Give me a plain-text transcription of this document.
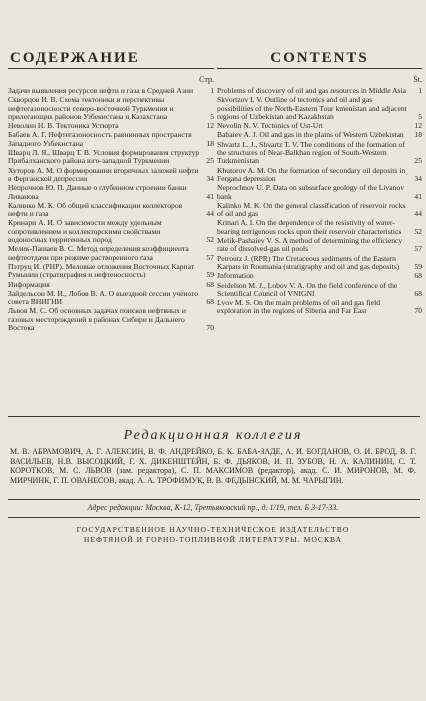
СОДЕРЖАНИЕ
Стр.
Задачи выявления ресурсов нефти и газа в Средней Азии	1
Скворцов И. В. Схема тектоники и перспективы нефтегазоносности северо-восточной Туркмении и прилегающих районов Узбекистана и Казахстана	5
Неволин Н. В. Тектоника Устюрта	12
Бабаев А. Г. Нефтегазоносность равнинных пространств Западного Узбекистана	18
Шварц Л. Я., Шварц Т. В. Условия формирования структур Прибалханского района юго-западной Туркмении	25
Хуторов А. М. О формировании вторичных залежей нефти в Ферганской депрессии	34
Непрочнов Ю. П. Данные о глубинном строении банки Ливанова	41
Калинко М. К. Об общей классификации коллекторов нефти и газа	44
Кринари А. И. О зависимости между удельным сопротивлением и коллекторскими свойствами водоносных терригенных пород	52
Мелик-Пашаев В. С. Метод определения коэффициента нефтеотдачи при режиме растворенного газа	57
Пэтруц И. (РНР). Меловые отложения Восточных Карпат Румынии (стратиграфия и нефтеносность)	59
Информация	68
Зайдельсон М. И., Лобов В. А. О выездной сессии ученого совета ВНИГНИ	68
Львов М. С. Об основных задачах поисков нефтяных и газовых месторождений в районах Сибири и Дальнего Востока	70
CONTENTS
St.
Problems of discovery of oil and gas resources in Middle Asia 1
Skvortzov I. V. Outline of tectonics and oil and gas possibilities of the North-Eastern Tour kmenistan and adjacent regions of Uzbekistan and Kazakhstan	5
Nevolin N. V. Tectonics of Ust-Urt	12
Babaiev A. J. Oil and gas in the plains of Western Uzbekistan	18
Shvartz L. J., Shvartz T. V. The conditions of the formation of the structures of Near-Balkhan region of South-Western Turkmenistan	25
Khutorov A. M. On the formation of secondary oil deposits in Fergana depression	34
Neprochnov U. P. Data on subsurface geology of the Livanov bank	41
Kalinko M. K. On the general classification of reservoir rocks of oil and gas	44
Krinari A. I. On the dependence of the resistivity of water-bearing terrigenous rocks upon their reservoir characteristics	52
Melik-Pashaiev V. S. A method of determining the efficiency rate of dissolved-gas oil pools	57
Petroutz J. (RPR) The Cretaceous sediments of the Eastern Karpats in Roumania (stratigraphy and oil and gas deposits)	59
Jnformation	68
Seidelson M. J., Lobov V. A. On the field conference of the Scientifical Council of VNIGNI	68
Lvov M. S. On the main problems of oil and gas field exploration in the regions of Siberia and Far East	70
Редакционная коллегия
М. В. АБРАМОВИЧ, А. Г. АЛЕКСИН, В. Ф. АНДРЕЙКО, Б. К. БАБА-ЗАДЕ, А. И. БОГДАНОВ, О. И. БРОД, В. Г. ВАСИЛЬЕВ, Н.В. ВЫСОЦКИЙ, Г. Х. ДИКЕНШТЕЙН, Б. Ф. ДЬЯКОВ, И. П. ЗУБОВ, Н. А. КАЛИНИН, С. Т. КОРОТКОВ, М. С. ЛЬВОВ (зам. редактора), С. П. МАКСИМОВ (редактор), акад. С. И. МИРОНОВ, М. Ф. МИРЧИНК, Г. П. ОВАНЕСОВ, акад. А. А. ТРОФИМУК, В. В. ФЕДЫНСКИЙ, М. М. ЧАРЫГИН.
Адрес редакции: Москва, К-12, Третьяковский пр., д. 1/19, тел. Б 3-17-33.
ГОСУДАРСТВЕННОЕ НАУЧНО-ТЕХНИЧЕСКОЕ ИЗДАТЕЛЬСТВО
НЕФТЯНОЙ И ГОРНО-ТОПЛИВНОЙ ЛИТЕРАТУРЫ. МОСКВА
